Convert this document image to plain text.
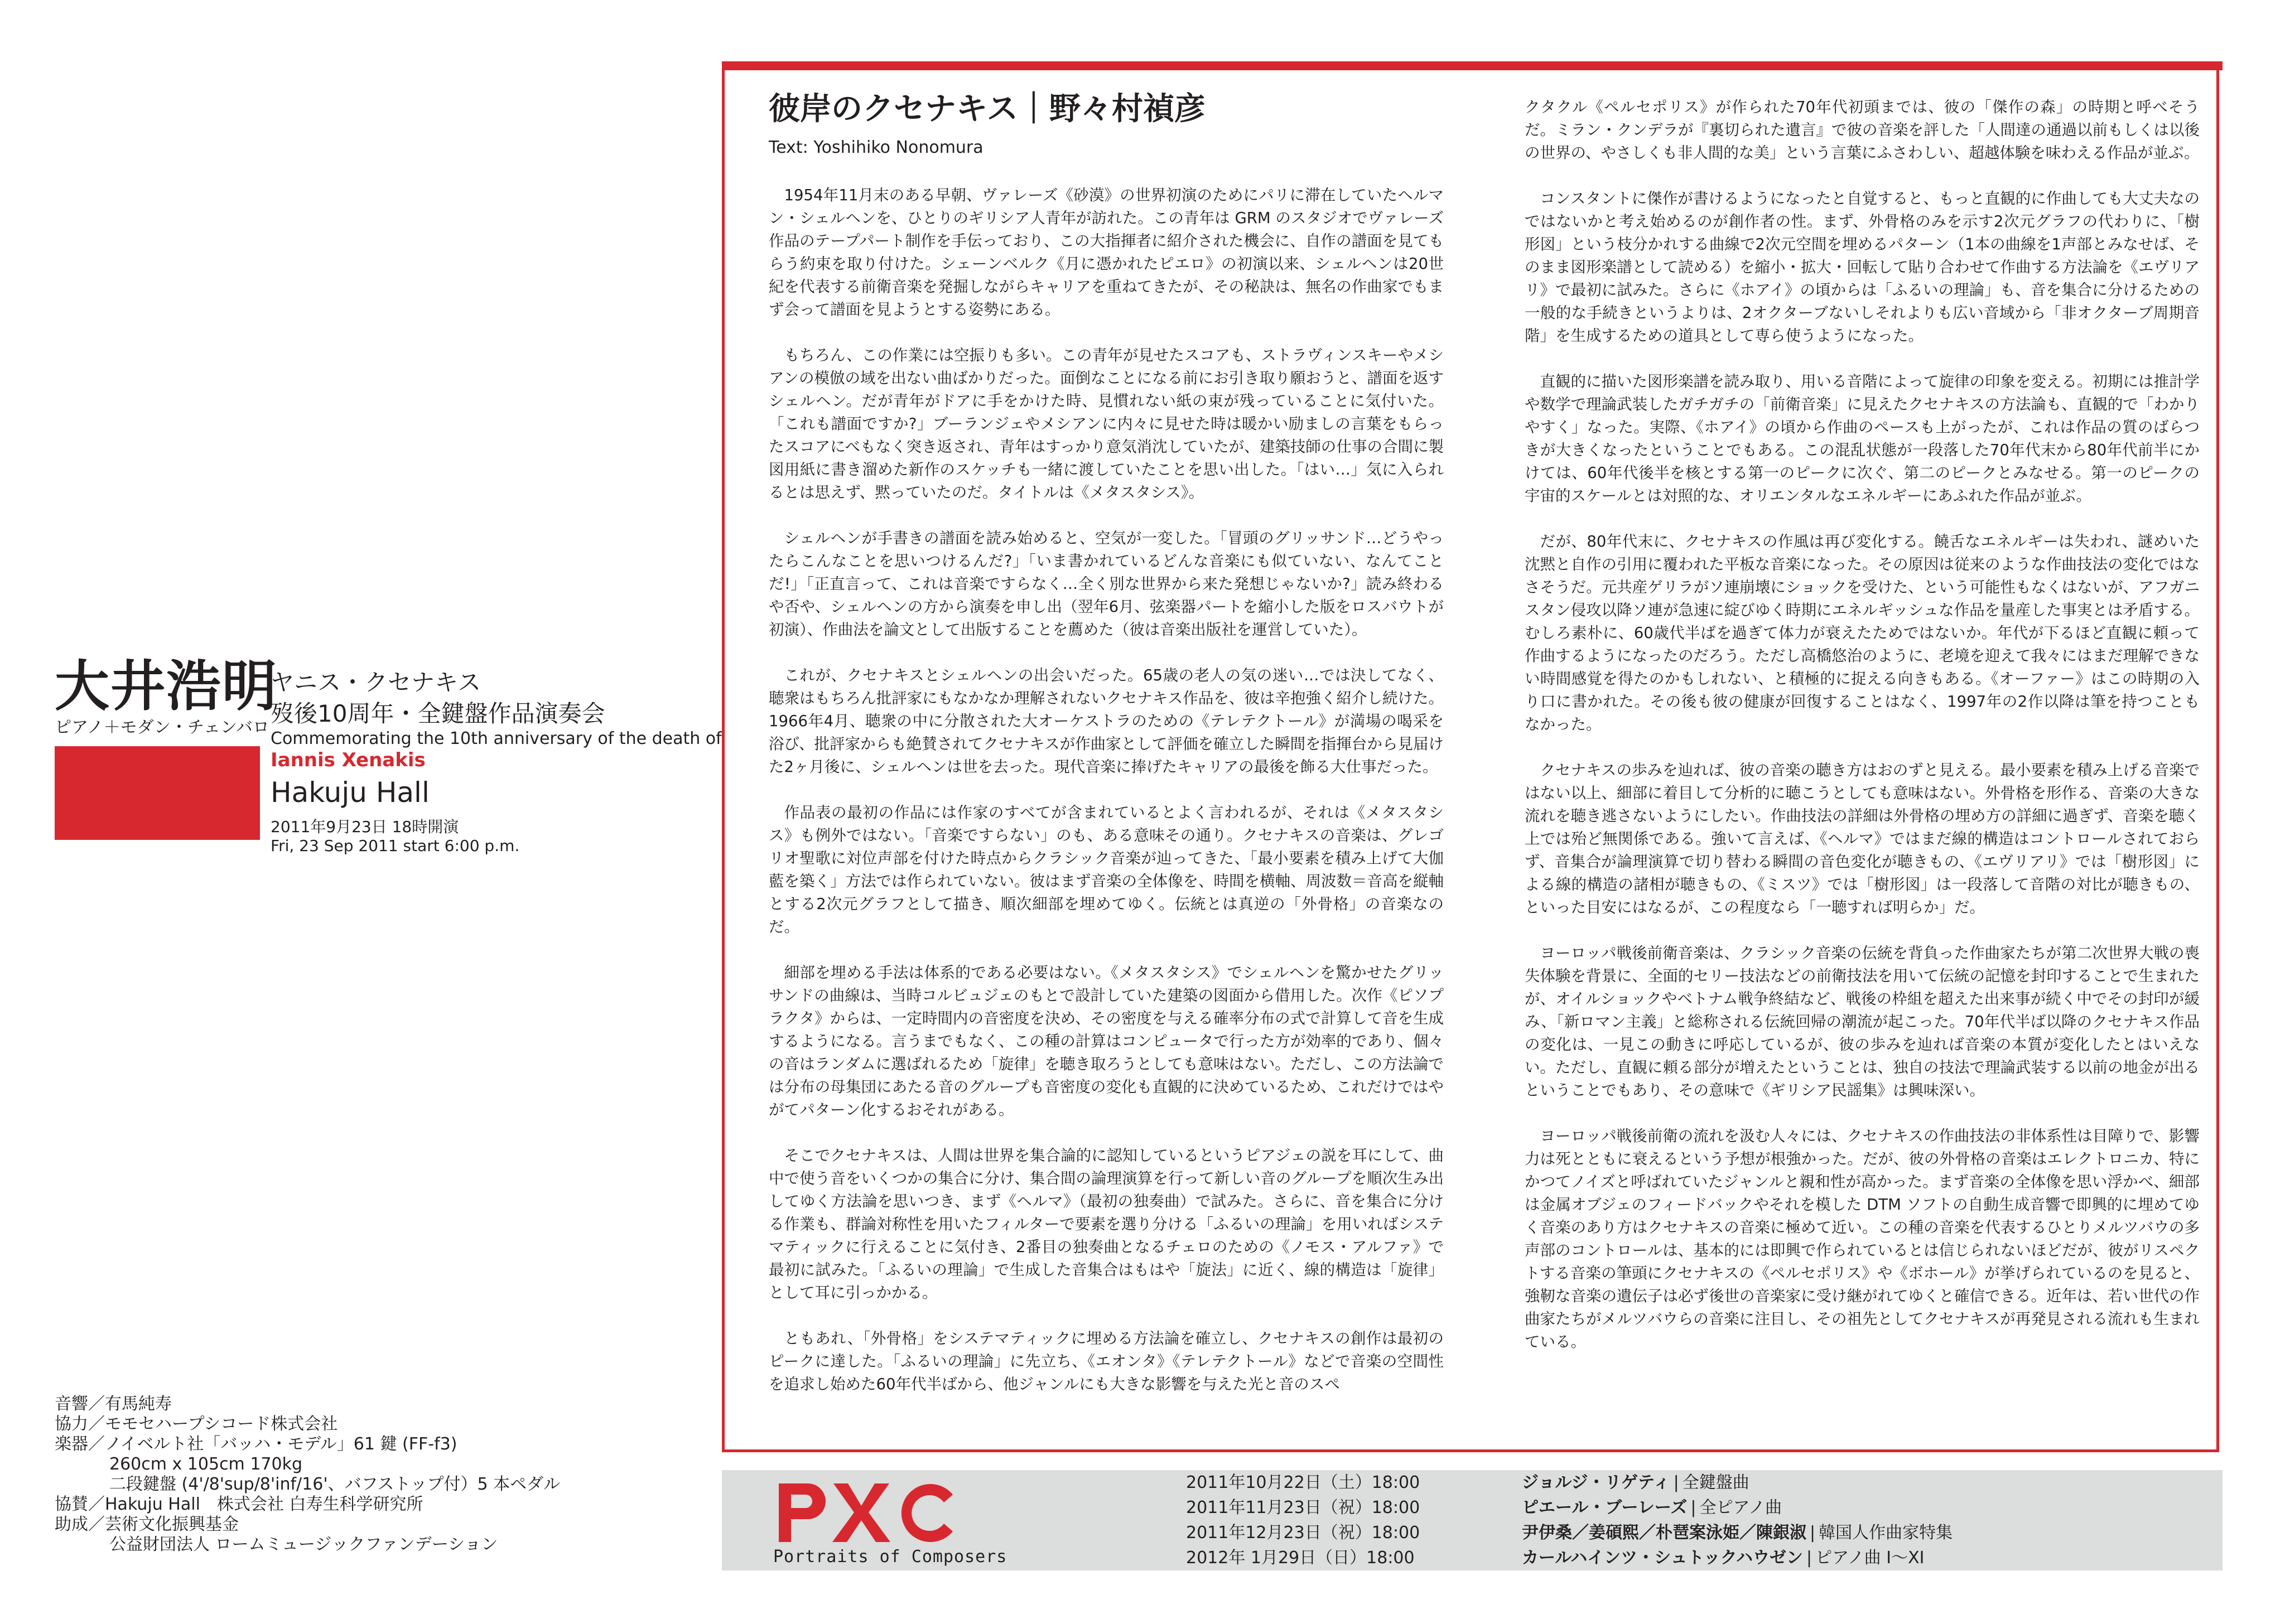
大井浩明
ヤニス・クセナキス
歿後10周年・全鍵盤作品演奏会
ピアノ＋モダン・チェンバロ
Commemorating the 10th anniversary of the death of
Iannis Xenakis
Hakuju Hall
2011年9月23日 18時開演
Fri, 23 Sep 2011 start 6:00 p.m.
音響／有馬純寿
協力／モモセハープシコード株式会社
楽器／ノイベルト社「バッハ・モデル」61 鍵 (FF-f3)
260cm x 105cm 170kg
二段鍵盤 (4'/8'sup/8'inf/16'、バフストップ付）5 本ペダル
協賛／Hakuju Hall　株式会社 白寿生科学研究所
助成／芸術文化振興基金
公益財団法人 ロームミュージックファンデーション
彼岸のクセナキス｜野々村禎彦
Text: Yoshihiko Nonomura

1954年11月末のある早朝、ヴァレーズ《砂漠》の世界初演のためにパリに滞在していたヘルマン・シェルヘンを、ひとりのギリシア人青年が訪れた。この青年は GRM のスタジオでヴァレーズ作品のテープパート制作を手伝っており、この大指揮者に紹介された機会に、自作の譜面を見てもらう約束を取り付けた。シェーンベルク《月に憑かれたピエロ》の初演以来、シェルヘンは20世紀を代表する前衛音楽を発掘しながらキャリアを重ねてきたが、その秘訣は、無名の作曲家でもまず会って譜面を見ようとする姿勢にある。

もちろん、この作業には空振りも多い。この青年が見せたスコアも、ストラヴィンスキーやメシアンの模倣の域を出ない曲ばかりだった。面倒なことになる前にお引き取り願おうと、譜面を返すシェルヘン。だが青年がドアに手をかけた時、見慣れない紙の束が残っていることに気付いた。「これも譜面ですか?」ブーランジェやメシアンに内々に見せた時は暖かい励ましの言葉をもらったスコアにべもなく突き返され、青年はすっかり意気消沈していたが、建築技師の仕事の合間に製図用紙に書き溜めた新作のスケッチも一緒に渡していたことを思い出した。「はい…」気に入られるとは思えず、黙っていたのだ。タイトルは《メタスタシス》。

シェルヘンが手書きの譜面を読み始めると、空気が一変した。「冒頭のグリッサンド…どうやったらこんなことを思いつけるんだ?」「いま書かれているどんな音楽にも似ていない、なんてことだ!」「正直言って、これは音楽ですらなく…全く別な世界から来た発想じゃないか?」読み終わるや否や、シェルヘンの方から演奏を申し出（翌年6月、弦楽器パートを縮小した版をロスバウトが初演）、作曲法を論文として出版することを薦めた（彼は音楽出版社を運営していた）。

これが、クセナキスとシェルヘンの出会いだった。65歳の老人の気の迷い…では決してなく、聴衆はもちろん批評家にもなかなか理解されないクセナキス作品を、彼は辛抱強く紹介し続けた。1966年4月、聴衆の中に分散された大オーケストラのための《テレテクトール》が満場の喝采を浴び、批評家からも絶賛されてクセナキスが作曲家として評価を確立した瞬間を指揮台から見届けた2ヶ月後に、シェルヘンは世を去った。現代音楽に捧げたキャリアの最後を飾る大仕事だった。

作品表の最初の作品には作家のすべてが含まれているとよく言われるが、それは《メタスタシス》も例外ではない。「音楽ですらない」のも、ある意味その通り。クセナキスの音楽は、グレゴリオ聖歌に対位声部を付けた時点からクラシック音楽が辿ってきた、「最小要素を積み上げて大伽藍を築く」方法では作られていない。彼はまず音楽の全体像を、時間を横軸、周波数＝音高を縦軸とする2次元グラフとして描き、順次細部を埋めてゆく。伝統とは真逆の「外骨格」の音楽なのだ。

細部を埋める手法は体系的である必要はない。《メタスタシス》でシェルヘンを驚かせたグリッサンドの曲線は、当時コルビュジェのもとで設計していた建築の図面から借用した。次作《ピソプラクタ》からは、一定時間内の音密度を決め、その密度を与える確率分布の式で計算して音を生成するようになる。言うまでもなく、この種の計算はコンピュータで行った方が効率的であり、個々の音はランダムに選ばれるため「旋律」を聴き取ろうとしても意味はない。ただし、この方法論では分布の母集団にあたる音のグループも音密度の変化も直観的に決めているため、これだけではやがてパターン化するおそれがある。

そこでクセナキスは、人間は世界を集合論的に認知しているというピアジェの説を耳にして、曲中で使う音をいくつかの集合に分け、集合間の論理演算を行って新しい音のグループを順次生み出してゆく方法論を思いつき、まず《ヘルマ》（最初の独奏曲）で試みた。さらに、音を集合に分ける作業も、群論対称性を用いたフィルターで要素を選り分ける「ふるいの理論」を用いればシステマティックに行えることに気付き、2番目の独奏曲となるチェロのための《ノモス・アルファ》で最初に試みた。「ふるいの理論」で生成した音集合はもはや「旋法」に近く、線的構造は「旋律」として耳に引っかかる。

ともあれ、「外骨格」をシステマティックに埋める方法論を確立し、クセナキスの創作は最初のピークに達した。「ふるいの理論」に先立ち、《エオンタ》《テレテクトール》などで音楽の空間性を追求し始めた60年代半ばから、他ジャンルにも大きな影響を与えた光と音のスペ

クタクル《ペルセポリス》が作られた70年代初頭までは、彼の「傑作の森」の時期と呼べそうだ。ミラン・クンデラが『裏切られた遺言』で彼の音楽を評した「人間達の通過以前もしくは以後の世界の、やさしくも非人間的な美」という言葉にふさわしい、超越体験を味わえる作品が並ぶ。

コンスタントに傑作が書けるようになったと自覚すると、もっと直観的に作曲しても大丈夫なのではないかと考え始めるのが創作者の性。まず、外骨格のみを示す2次元グラフの代わりに、「樹形図」という枝分かれする曲線で2次元空間を埋めるパターン（1本の曲線を1声部とみなせば、そのまま図形楽譜として読める）を縮小・拡大・回転して貼り合わせて作曲する方法論を《エヴリアリ》で最初に試みた。さらに《ホアイ》の頃からは「ふるいの理論」も、音を集合に分けるための一般的な手続きというよりは、2オクターブないしそれよりも広い音域から「非オクターブ周期音階」を生成するための道具として専ら使うようになった。

直観的に描いた図形楽譜を読み取り、用いる音階によって旋律の印象を変える。初期には推計学や数学で理論武装したガチガチの「前衛音楽」に見えたクセナキスの方法論も、直観的で「わかりやすく」なった。実際、《ホアイ》の頃から作曲のペースも上がったが、これは作品の質のばらつきが大きくなったということでもある。この混乱状態が一段落した70年代末から80年代前半にかけては、60年代後半を核とする第一のピークに次ぐ、第二のピークとみなせる。第一のピークの宇宙的スケールとは対照的な、オリエンタルなエネルギーにあふれた作品が並ぶ。

だが、80年代末に、クセナキスの作風は再び変化する。饒舌なエネルギーは失われ、謎めいた沈黙と自作の引用に覆われた平板な音楽になった。その原因は従来のような作曲技法の変化ではなさそうだ。元共産ゲリラがソ連崩壊にショックを受けた、という可能性もなくはないが、アフガニスタン侵攻以降ソ連が急速に綻びゆく時期にエネルギッシュな作品を量産した事実とは矛盾する。むしろ素朴に、60歳代半ばを過ぎて体力が衰えたためではないか。年代が下るほど直観に頼って作曲するようになったのだろう。ただし高橋悠治のように、老境を迎えて我々にはまだ理解できない時間感覚を得たのかもしれない、と積極的に捉える向きもある。《オーファー》はこの時期の入り口に書かれた。その後も彼の健康が回復することはなく、1997年の2作以降は筆を持つこともなかった。

クセナキスの歩みを辿れば、彼の音楽の聴き方はおのずと見える。最小要素を積み上げる音楽ではない以上、細部に着目して分析的に聴こうとしても意味はない。外骨格を形作る、音楽の大きな流れを聴き逃さないようにしたい。作曲技法の詳細は外骨格の埋め方の詳細に過ぎず、音楽を聴く上では殆ど無関係である。強いて言えば、《ヘルマ》ではまだ線的構造はコントロールされておらず、音集合が論理演算で切り替わる瞬間の音色変化が聴きもの、《エヴリアリ》では「樹形図」による線的構造の諸相が聴きもの、《ミスツ》では「樹形図」は一段落して音階の対比が聴きもの、といった目安にはなるが、この程度なら「一聴すれば明らか」だ。

ヨーロッパ戦後前衛音楽は、クラシック音楽の伝統を背負った作曲家たちが第二次世界大戦の喪失体験を背景に、全面的セリー技法などの前衛技法を用いて伝統の記憶を封印することで生まれたが、オイルショックやベトナム戦争終結など、戦後の枠組を超えた出来事が続く中でその封印が緩み、「新ロマン主義」と総称される伝統回帰の潮流が起こった。70年代半ば以降のクセナキス作品の変化は、一見この動きに呼応しているが、彼の歩みを辿れば音楽の本質が変化したとはいえない。ただし、直観に頼る部分が増えたということは、独自の技法で理論武装する以前の地金が出るということでもあり、その意味で《ギリシア民謡集》は興味深い。

ヨーロッパ戦後前衛の流れを汲む人々には、クセナキスの作曲技法の非体系性は目障りで、影響力は死とともに衰えるという予想が根強かった。だが、彼の外骨格の音楽はエレクトロニカ、特にかつてノイズと呼ばれていたジャンルと親和性が高かった。まず音楽の全体像を思い浮かべ、細部は金属オブジェのフィードバックやそれを模した DTM ソフトの自動生成音響で即興的に埋めてゆく音楽のあり方はクセナキスの音楽に極めて近い。この種の音楽を代表するひとりメルツバウの多声部のコントロールは、基本的には即興で作られているとは信じられないほどだが、彼がリスペクトする音楽の筆頭にクセナキスの《ペルセポリス》や《ボホール》が挙げられているのを見ると、強靭な音楽の遺伝子は必ず後世の音楽家に受け継がれてゆくと確信できる。近年は、若い世代の作曲家たちがメルツバウらの音楽に注目し、その祖先としてクセナキスが再発見される流れも生まれている。

Portraits of Composers
2011年10月22日（土）18:00	ジョルジ・リゲティ | 全鍵盤曲
2011年11月23日（祝）18:00	ピエール・ブーレーズ | 全ピアノ曲
2011年12月23日（祝）18:00	尹伊桑／姜碩熙／朴琶案泳姫／陳銀淑 | 韓国人作曲家特集
2012年 1月29日（日）18:00	カールハインツ・シュトックハウゼン | ピアノ曲 I〜XI
